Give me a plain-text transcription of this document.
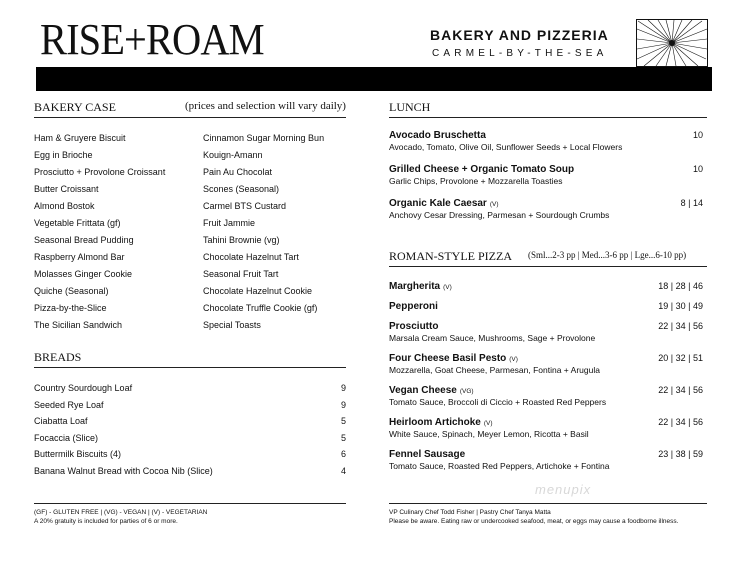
RISE+ROAM	BAKERY AND PIZZERIA
CARMEL-BY-THE-SEA
BAKERY CASE	(prices and selection will vary daily)
Ham & Gruyere Biscuit
Egg in Brioche
Prosciutto + Provolone Croissant
Butter Croissant
Almond Bostok
Vegetable Frittata (gf)
Seasonal Bread Pudding
Raspberry Almond Bar
Molasses Ginger Cookie
Quiche (Seasonal)
Pizza-by-the-Slice
The Sicilian Sandwich
Cinnamon Sugar Morning Bun
Kouign-Amann
Pain Au Chocolat
Scones (Seasonal)
Carmel BTS Custard
Fruit Jammie
Tahini Brownie (vg)
Chocolate Hazelnut Tart
Seasonal Fruit Tart
Chocolate Hazelnut Cookie
Chocolate Truffle Cookie (gf)
Special Toasts
BREADS
Country Sourdough Loaf	9
Seeded Rye Loaf	9
Ciabatta Loaf	5
Focaccia (Slice)	5
Buttermilk Biscuits (4)	6
Banana Walnut Bread with Cocoa Nib (Slice)	4
LUNCH
Avocado Bruschetta	10
Avocado, Tomato, Olive Oil, Sunflower Seeds + Local Flowers
Grilled Cheese + Organic Tomato Soup	10
Garlic Chips, Provolone + Mozzarella Toasties
Organic Kale Caesar (V)	8 | 14
Anchovy Cesar Dressing, Parmesan + Sourdough Crumbs
ROMAN-STYLE PIZZA (Sml...2-3 pp | Med...3-6 pp | Lge...6-10 pp)
Margherita (V)	18 | 28 | 46
Pepperoni	19 | 30 | 49
Prosciutto	22 | 34 | 56
Marsala Cream Sauce, Mushrooms, Sage + Provolone
Four Cheese Basil Pesto (V)	20 | 32 | 51
Mozzarella, Goat Cheese, Parmesan, Fontina + Arugula
Vegan Cheese (VG)	22 | 34 | 56
Tomato Sauce, Broccoli di Ciccio + Roasted Red Peppers
Heirloom Artichoke (V)	22 | 34 | 56
White Sauce, Spinach, Meyer Lemon, Ricotta + Basil
Fennel Sausage	23 | 38 | 59
Tomato Sauce, Roasted Red Peppers, Artichoke + Fontina
menupix
(GF) - GLUTEN FREE | (VG) - VEGAN | (V) - VEGETARIAN
A 20% gratuity is included for parties of 6 or more.
VP Culinary Chef Todd Fisher | Pastry Chef Tanya Matta
Please be aware. Eating raw or undercooked seafood, meat, or eggs may cause a foodborne illness.
